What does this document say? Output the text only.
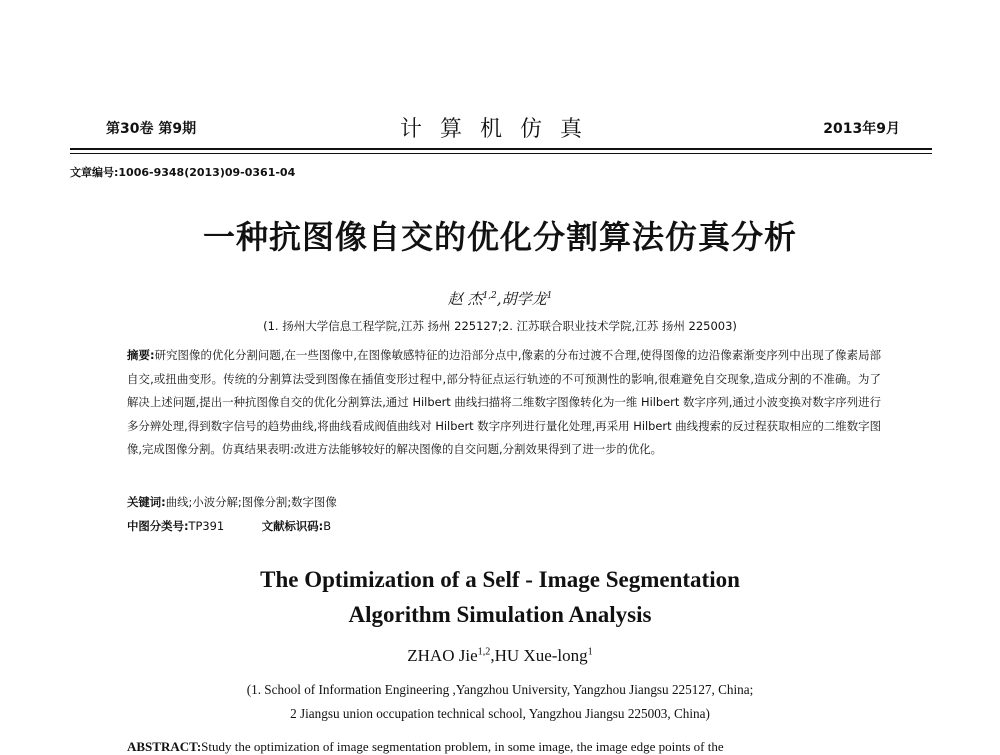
第30卷 第9期	计算机仿真	2013年9月
文章编号:1006-9348(2013)09-0361-04
一种抗图像自交的优化分割算法仿真分析
赵 杰$^{1,2}$,胡学龙$^1$
(1. 扬州大学信息工程学院,江苏 扬州 225127;2. 江苏联合职业技术学院,江苏 扬州 225003)
摘要:研究图像的优化分割问题,在一些图像中,在图像敏感特征的边沿部分点中,像素的分布过渡不合理,使得图像的边沿像素渐变序列中出现了像素局部自交,或扭曲变形。传统的分割算法受到图像在插值变形过程中,部分特征点运行轨迹的不可预测性的影响,很难避免自交现象,造成分割的不准确。为了解决上述问题,提出一种抗图像自交的优化分割算法,通过 Hilbert 曲线扫描将二维数字图像转化为一维 Hilbert 数字序列,通过小波变换对数字序列进行多分辨处理,得到数字信号的趋势曲线,将曲线看成阀值曲线对 Hilbert 数字序列进行量化处理,再采用 Hilbert 曲线搜索的反过程获取相应的二维数字图像,完成图像分割。仿真结果表明:改进方法能够较好的解决图像的自交问题,分割效果得到了进一步的优化。
关键词:曲线;小波分解;图像分割;数字图像
中图分类号:TP391	文献标识码:B
The Optimization of a Self - Image Segmentation
Algorithm Simulation Analysis
ZHAO Jie$^{1,2}$,HU Xue-long$^1$
(1. School of Information Engineering ,Yangzhou University, Yangzhou Jiangsu 225127, China;
2 Jiangsu union occupation technical school, Yangzhou Jiangsu 225003, China)
ABSTRACT:Study the optimization of image segmentation problem, in some image, the image edge points of the
